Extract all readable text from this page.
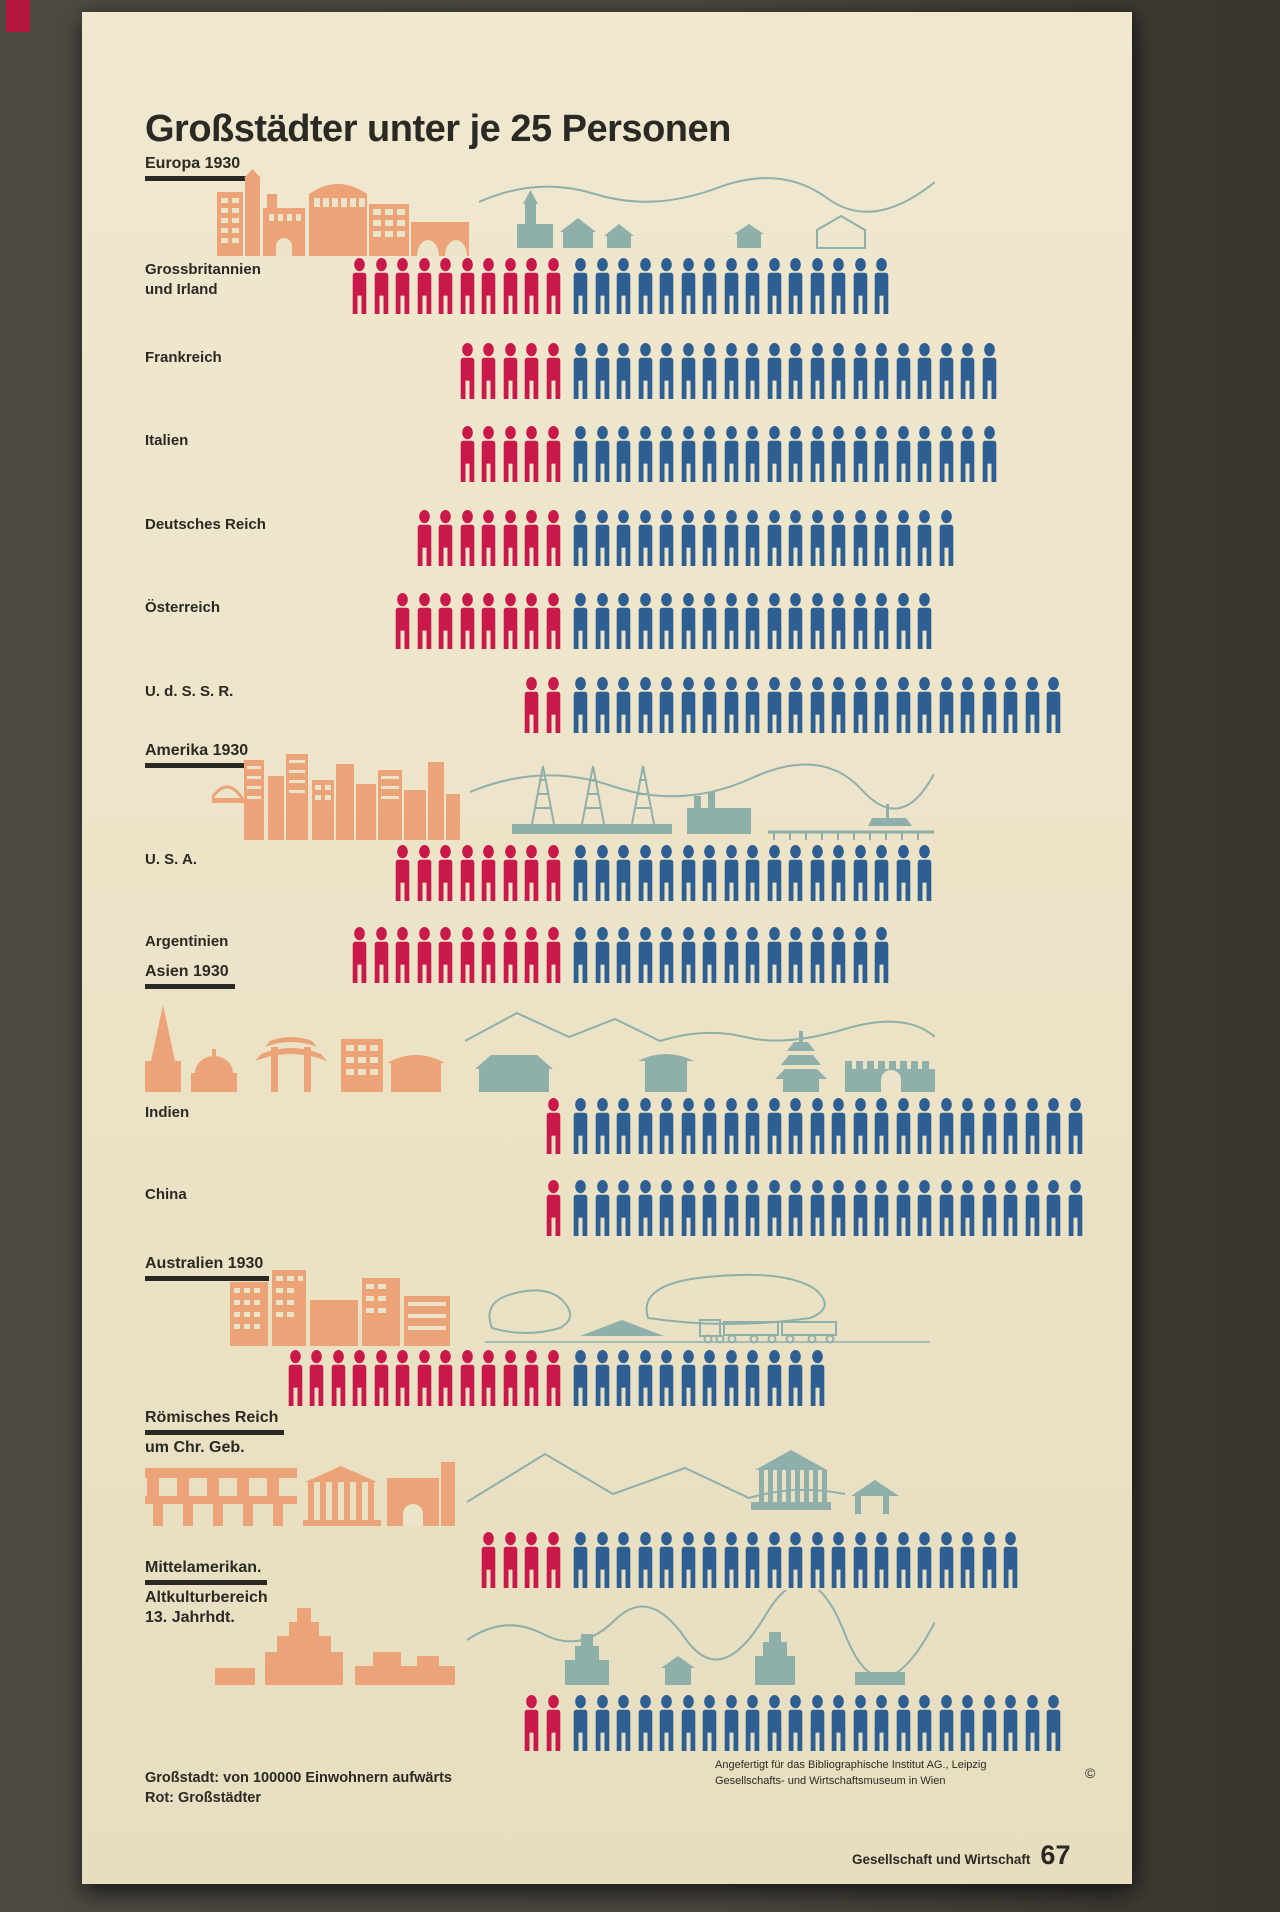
Großstädter unter je 25 Personen
Europa 1930
Grossbritannien
und Irland
Frankreich
Italien
Deutsches Reich
Österreich
U. d. S. S. R.
Amerika 1930
U. S. A.
Argentinien
Asien 1930
Indien
China
Australien 1930
Römisches Reich
um Chr. Geb.
Mittelamerikan.
Altkulturbereich
13. Jahrhdt.
Großstadt: von 100000 Einwohnern aufwärts
Rot: Großstädter
Angefertigt für das Bibliographische Institut AG., Leipzig
Gesellschafts- und Wirtschaftsmuseum in Wien	©
Gesellschaft und Wirtschaft 67
